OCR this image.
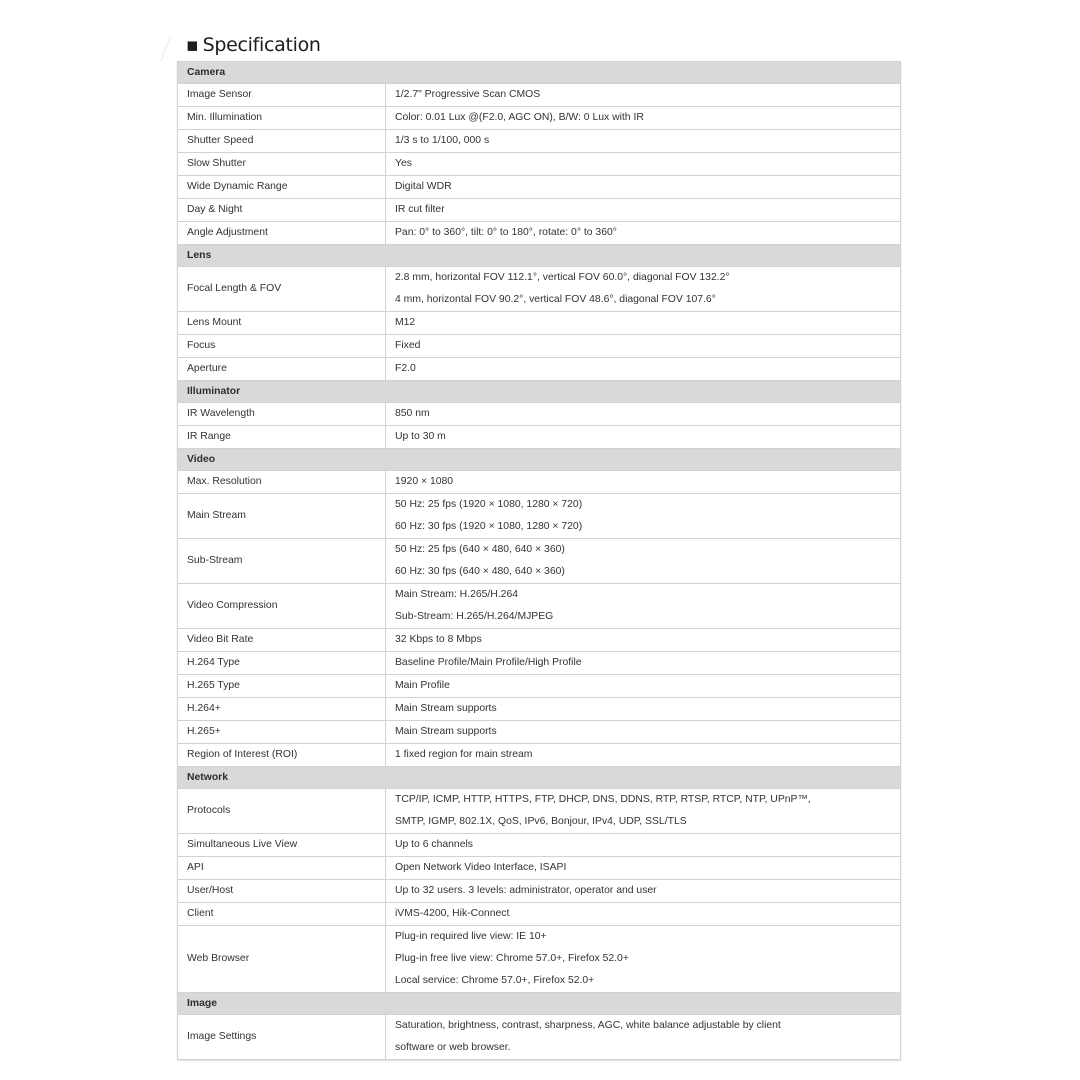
▪ Specification
Camera	
Image Sensor	1/2.7" Progressive Scan CMOS

Min. Illumination	Color: 0.01 Lux @(F2.0, AGC ON), B/W: 0 Lux with IR

Shutter Speed	1/3 s to 1/100, 000 s

Slow Shutter	Yes

Wide Dynamic Range	Digital WDR

Day & Night	IR cut filter

Angle Adjustment	Pan: 0° to 360°, tilt: 0° to 180°, rotate: 0° to 360°

Lens	
Focal Length & FOV	2.8 mm, horizontal FOV 112.1°, vertical FOV 60.0°, diagonal FOV 132.2°
4 mm, horizontal FOV 90.2°, vertical FOV 48.6°, diagonal FOV 107.6°

Lens Mount	M12

Focus	Fixed

Aperture	F2.0

Illuminator	
IR Wavelength	850 nm

IR Range	Up to 30 m

Video	
Max. Resolution	1920 × 1080

Main Stream	50 Hz: 25 fps (1920 × 1080, 1280 × 720)
60 Hz: 30 fps (1920 × 1080, 1280 × 720)

Sub-Stream	50 Hz: 25 fps (640 × 480, 640 × 360)
60 Hz: 30 fps (640 × 480, 640 × 360)

Video Compression	Main Stream: H.265/H.264
Sub-Stream: H.265/H.264/MJPEG

Video Bit Rate	32 Kbps to 8 Mbps

H.264 Type	Baseline Profile/Main Profile/High Profile

H.265 Type	Main Profile

H.264+	Main Stream supports

H.265+	Main Stream supports

Region of Interest (ROI)	1 fixed region for main stream

Network	
Protocols	TCP/IP, ICMP, HTTP, HTTPS, FTP, DHCP, DNS, DDNS, RTP, RTSP, RTCP, NTP, UPnP™,
SMTP, IGMP, 802.1X, QoS, IPv6, Bonjour, IPv4, UDP, SSL/TLS

Simultaneous Live View	Up to 6 channels

API	Open Network Video Interface, ISAPI

User/Host	Up to 32 users. 3 levels: administrator, operator and user

Client	iVMS-4200, Hik-Connect

Web Browser	Plug-in required live view: IE 10+
Plug-in free live view: Chrome 57.0+, Firefox 52.0+
Local service: Chrome 57.0+, Firefox 52.0+

Image	
Image Settings	Saturation, brightness, contrast, sharpness, AGC, white balance adjustable by client
software or web browser.
